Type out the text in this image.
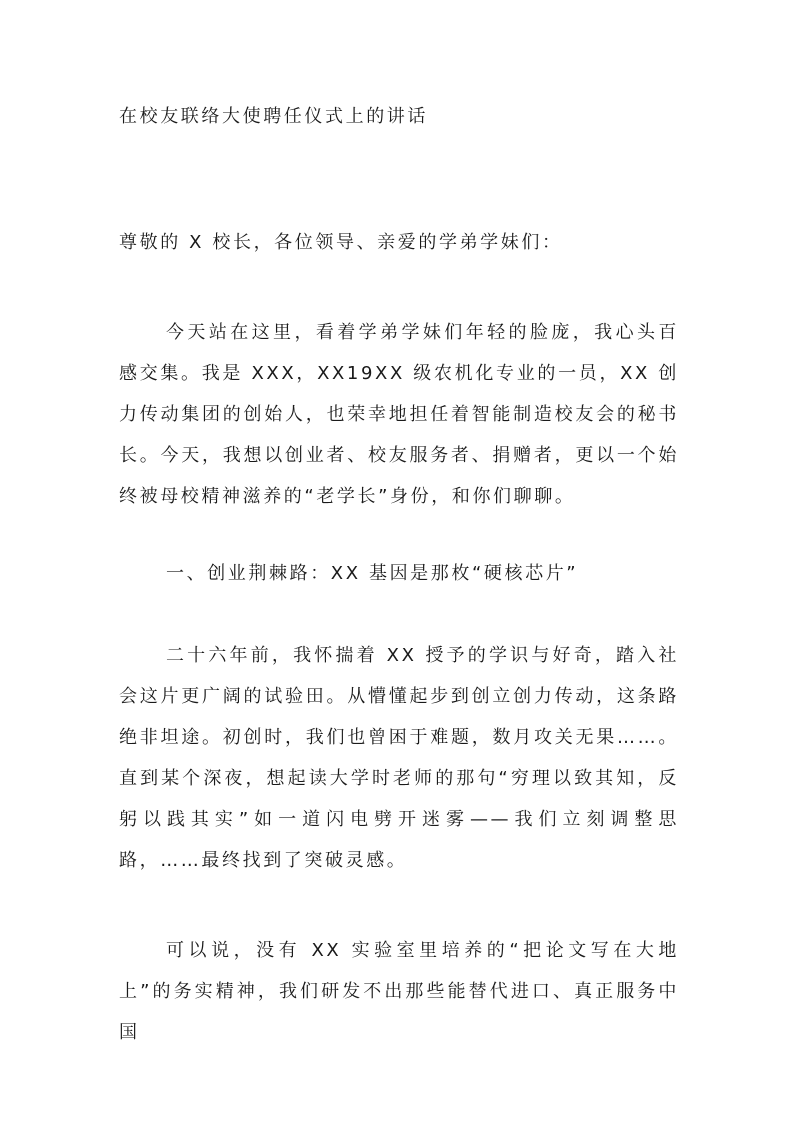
在校友联络大使聘任仪式上的讲话

尊敬的 X 校长，各位领导、亲爱的学弟学妹们：

今天站在这里，看着学弟学妹们年轻的脸庞，我心头百感交集。我是 XXX，XX19XX 级农机化专业的一员，XX 创力传动集团的创始人，也荣幸地担任着智能制造校友会的秘书长。今天，我想以创业者、校友服务者、捐赠者，更以一个始终被母校精神滋养的“老学长”身份，和你们聊聊。

一、创业荆棘路：XX 基因是那枚“硬核芯片”

二十六年前，我怀揣着 XX 授予的学识与好奇，踏入社会这片更广阔的试验田。从懵懂起步到创立创力传动，这条路绝非坦途。初创时，我们也曾困于难题，数月攻关无果……。直到某个深夜，想起读大学时老师的那句“穷理以致其知，反躬以践其实”如一道闪电劈开迷雾——我们立刻调整思路，……最终找到了突破灵感。

可以说，没有 XX 实验室里培养的“把论文写在大地上”的务实精神，我们研发不出那些能替代进口、真正服务中国
